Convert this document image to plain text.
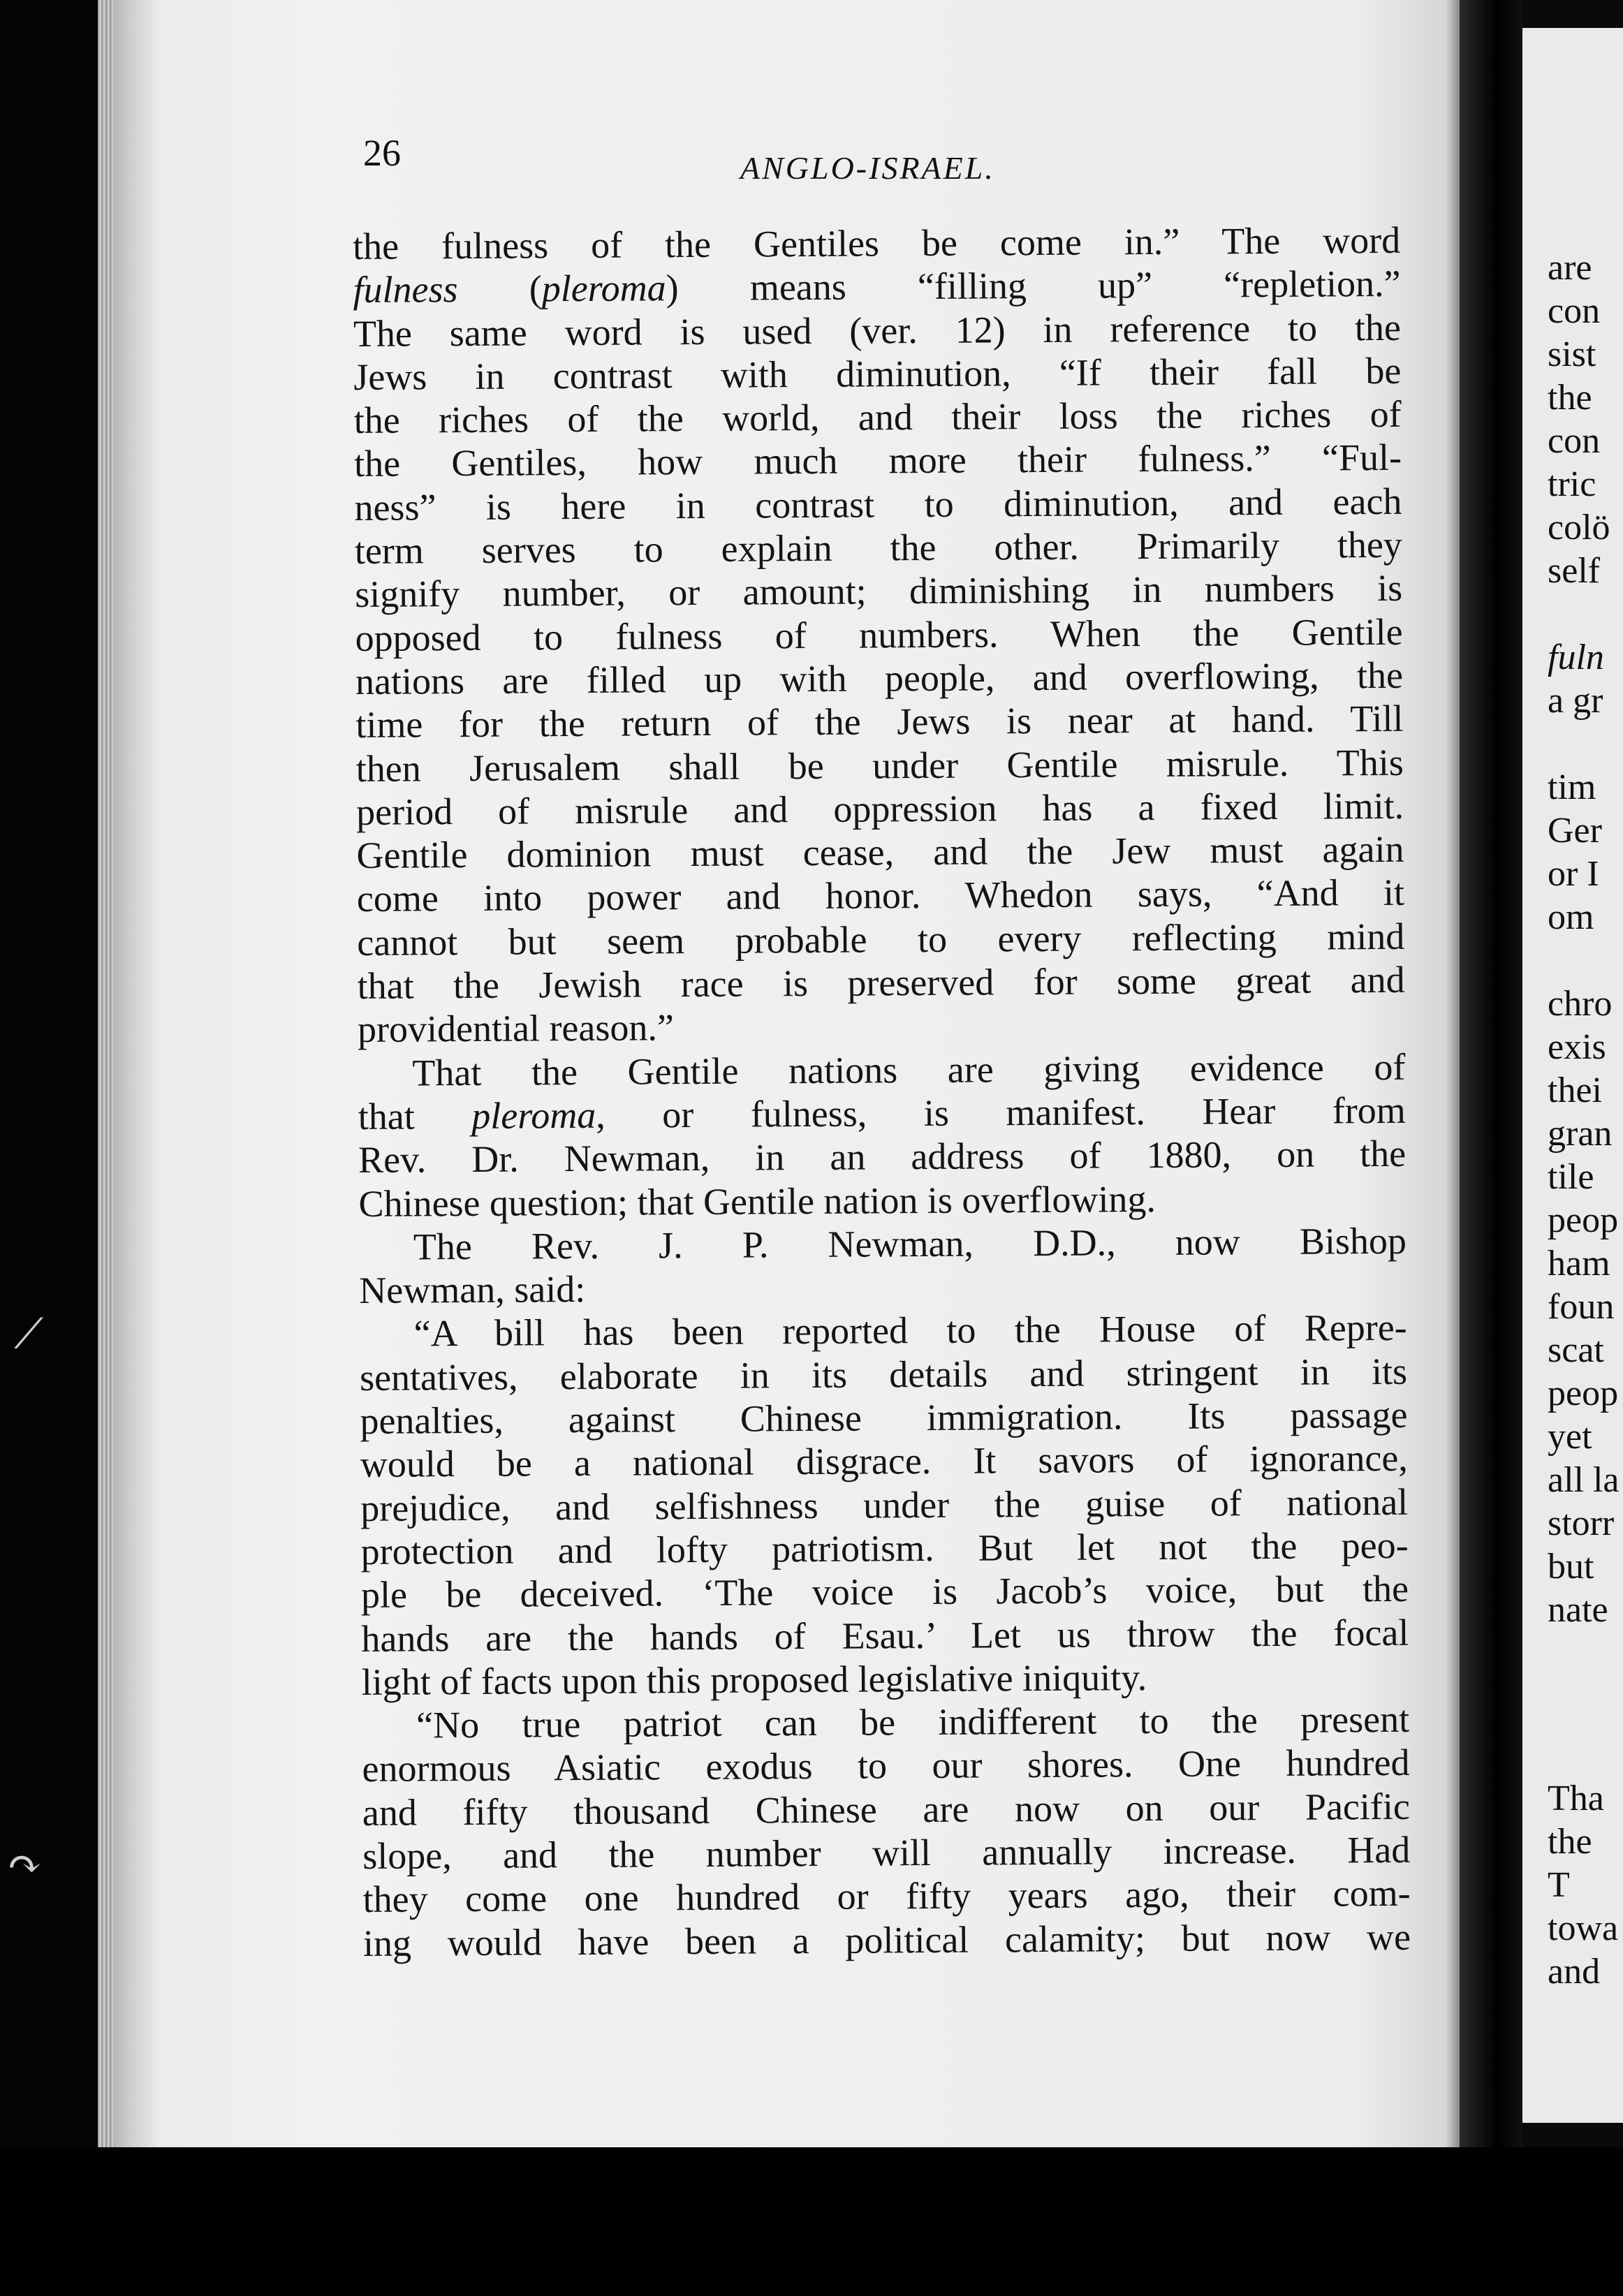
⟋
↷
26	ANGLO-ISRAEL.
the fulness of the Gentiles be come in.” The word
fulness (pleroma) means “filling up” “repletion.”
The same word is used (ver. 12) in reference to the
Jews in contrast with diminution, “If their fall be
the riches of the world, and their loss the riches of
the Gentiles, how much more their fulness.” “Ful-
ness” is here in contrast to diminution, and each
term serves to explain the other. Primarily they
signify number, or amount; diminishing in numbers is
opposed to fulness of numbers. When the Gentile
nations are filled up with people, and overflowing, the
time for the return of the Jews is near at hand. Till
then Jerusalem shall be under Gentile misrule. This
period of misrule and oppression has a fixed limit.
Gentile dominion must cease, and the Jew must again
come into power and honor. Whedon says, “And it
cannot but seem probable to every reflecting mind
that the Jewish race is preserved for some great and
providential reason.”
That the Gentile nations are giving evidence of
that pleroma, or fulness, is manifest. Hear from
Rev. Dr. Newman, in an address of 1880, on the
Chinese question; that Gentile nation is overflowing.
The Rev. J. P. Newman, D.D., now Bishop
Newman, said:
“A bill has been reported to the House of Repre-
sentatives, elaborate in its details and stringent in its
penalties, against Chinese immigration. Its passage
would be a national disgrace. It savors of ignorance,
prejudice, and selfishness under the guise of national
protection and lofty patriotism. But let not the peo-
ple be deceived. ‘The voice is Jacob’s voice, but the
hands are the hands of Esau.’ Let us throw the focal
light of facts upon this proposed legislative iniquity.
“No true patriot can be indifferent to the present
enormous Asiatic exodus to our shores. One hundred
and fifty thousand Chinese are now on our Pacific
slope, and the number will annually increase. Had
they come one hundred or fifty years ago, their com-
ing would have been a political calamity; but now we
are
con
sist
the
con
tric
colö
self
fuln
a gr
tim
Ger
or I
om
chro
exis
thei
gran
tile
peop
ham
foun
scat
peop
yet
all la
storr
but
nate
Tha
the
T
towa
and
